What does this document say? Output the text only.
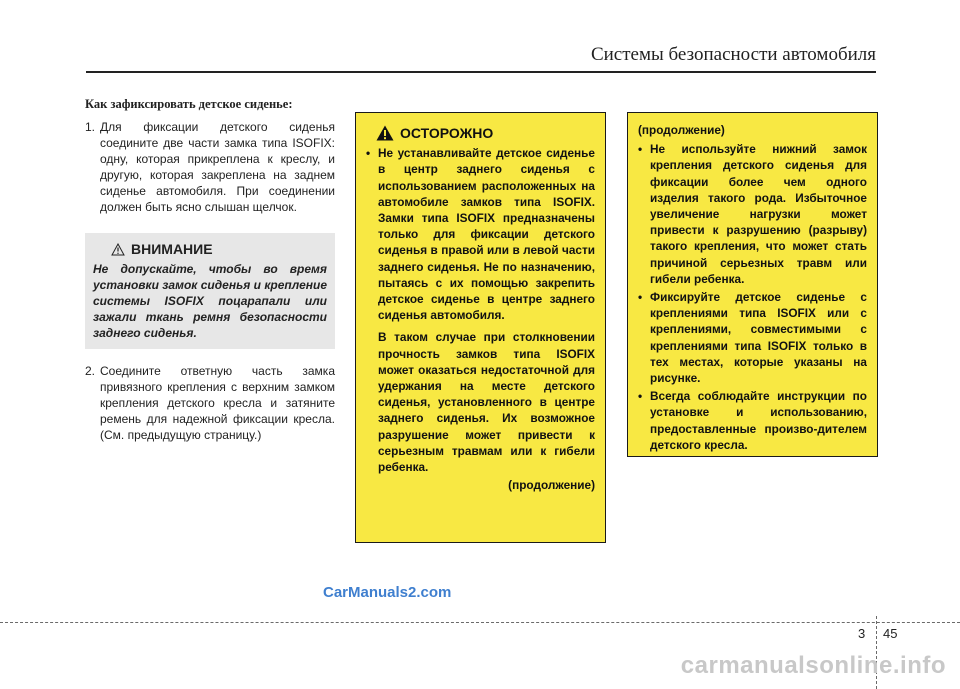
Системы безопасности автомобиля
Как зафиксировать детское сиденье:
1. Для фиксации детского сиденья соедините две части замка типа ISOFIX: одну, которая прикреплена к креслу, и другую, которая закреплена на заднем сиденье автомобиля. При соединении должен быть ясно слышан щелчок.
ВНИМАНИЕ
Не допускайте, чтобы во время установки замок сиденья и крепление системы ISOFIX поцарапали или зажали ткань ремня безопасности заднего сиденья.
2. Соедините ответную часть замка привязного крепления с верхним замком крепления детского кресла и затяните ремень для надежной фиксации кресла. (См. предыдущую страницу.)
ОСТОРОЖНО
• Не устанавливайте детское сиденье в центр заднего сиденья с использованием расположенных на автомобиле замков типа ISOFIX. Замки типа ISOFIX предназначены только для фиксации детского сиденья в правой или в левой части заднего сиденья. Не по назначению, пытаясь с их помощью закрепить детское сиденье в центре заднего сиденья автомобиля.
В таком случае при столкновении прочность замков типа ISOFIX может оказаться недостаточной для удержания на месте детского сиденья, установленного в центре заднего сиденья. Их возможное разрушение может привести к серьезным травмам или к гибели ребенка.
(продолжение)
(продолжение)
• Не используйте нижний замок крепления детского сиденья для фиксации более чем одного изделия такого рода. Избыточное увеличение нагрузки может привести к разрушению (разрыву) такого крепления, что может стать причиной серьезных травм или гибели ребенка.
• Фиксируйте детское сиденье с креплениями типа ISOFIX или с креплениями, совместимыми с креплениями типа ISOFIX только в тех местах, которые указаны на рисунке.
• Всегда соблюдайте инструкции по установке и использованию, предоставленные произво-дителем детского кресла.
CarManuals2.com
3 45
carmanualsonline.info
